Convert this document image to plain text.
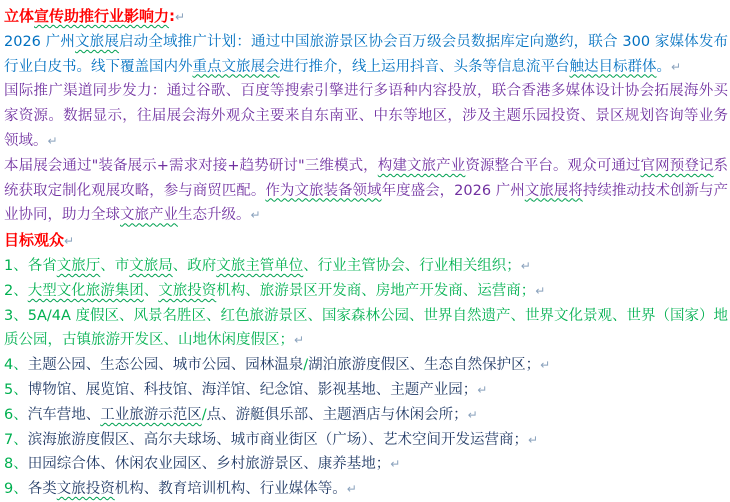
立体宣传助推行业影响力:↵
2026 广州文旅展启动全域推广计划：通过中国旅游景区协会百万级会员数据库定向邀约，联合 300 家媒体发布行业白皮书。线下覆盖国内外重点文旅展会进行推介，线上运用抖音、头条等信息流平台触达目标群体。↵
国际推广渠道同步发力：通过谷歌、百度等搜索引擎进行多语种内容投放，联合香港多媒体设计协会拓展海外买家资源。数据显示，往届展会海外观众主要来自东南亚、中东等地区，涉及主题乐园投资、景区规划咨询等业务领域。↵
本届展会通过"装备展示+需求对接+趋势研讨"三维模式，构建文旅产业资源整合平台。观众可通过官网预登记系统获取定制化观展攻略，参与商贸匹配。作为文旅装备领域年度盛会，2026 广州文旅展将持续推动技术创新与产业协同，助力全球文旅产业生态升级。↵
目标观众↵
1、各省文旅厅、市文旅局、政府文旅主管单位、行业主管协会、行业相关组织；↵
2、大型文化旅游集团、文旅投资机构、旅游景区开发商、房地产开发商、运营商；↵
3、5A/4A 度假区、风景名胜区、红色旅游景区、国家森林公园、世界自然遗产、世界文化景观、世界（国家）地质公园，古镇旅游开发区、山地休闲度假区；↵
4、主题公园、生态公园、城市公园、园林温泉/湖泊旅游度假区、生态自然保护区；↵
5、博物馆、展览馆、科技馆、海洋馆、纪念馆、影视基地、主题产业园；↵
6、汽车营地、工业旅游示范区/点、游艇俱乐部、主题酒店与休闲会所；↵
7、滨海旅游度假区、高尔夫球场、城市商业街区（广场）、艺术空间开发运营商；↵
8、田园综合体、休闲农业园区、乡村旅游景区、康养基地；↵
9、各类文旅投资机构、教育培训机构、行业媒体等。↵
